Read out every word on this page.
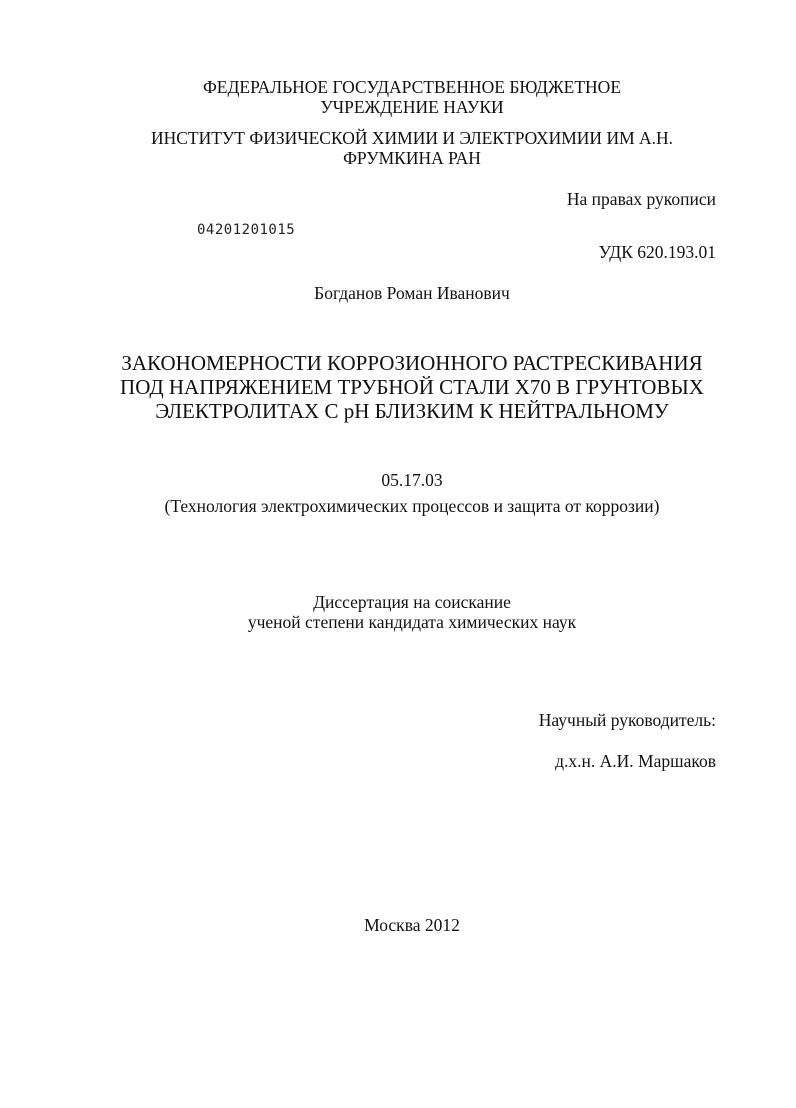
ФЕДЕРАЛЬНОЕ ГОСУДАРСТВЕННОЕ БЮДЖЕТНОЕ
УЧРЕЖДЕНИЕ НАУКИ
ИНСТИТУТ ФИЗИЧЕСКОЙ ХИМИИ И ЭЛЕКТРОХИМИИ ИМ А.Н.
ФРУМКИНА РАН
На правах рукописи
04201201015
УДК 620.193.01
Богданов Роман Иванович
ЗАКОНОМЕРНОСТИ КОРРОЗИОННОГО РАСТРЕСКИВАНИЯ
ПОД НАПРЯЖЕНИЕМ ТРУБНОЙ СТАЛИ Х70 В ГРУНТОВЫХ
ЭЛЕКТРОЛИТАХ С pH БЛИЗКИМ К НЕЙТРАЛЬНОМУ
05.17.03
(Технология электрохимических процессов и защита от коррозии)
Диссертация на соискание
ученой степени кандидата химических наук
Научный руководитель:
д.х.н. А.И. Маршаков
Москва 2012
